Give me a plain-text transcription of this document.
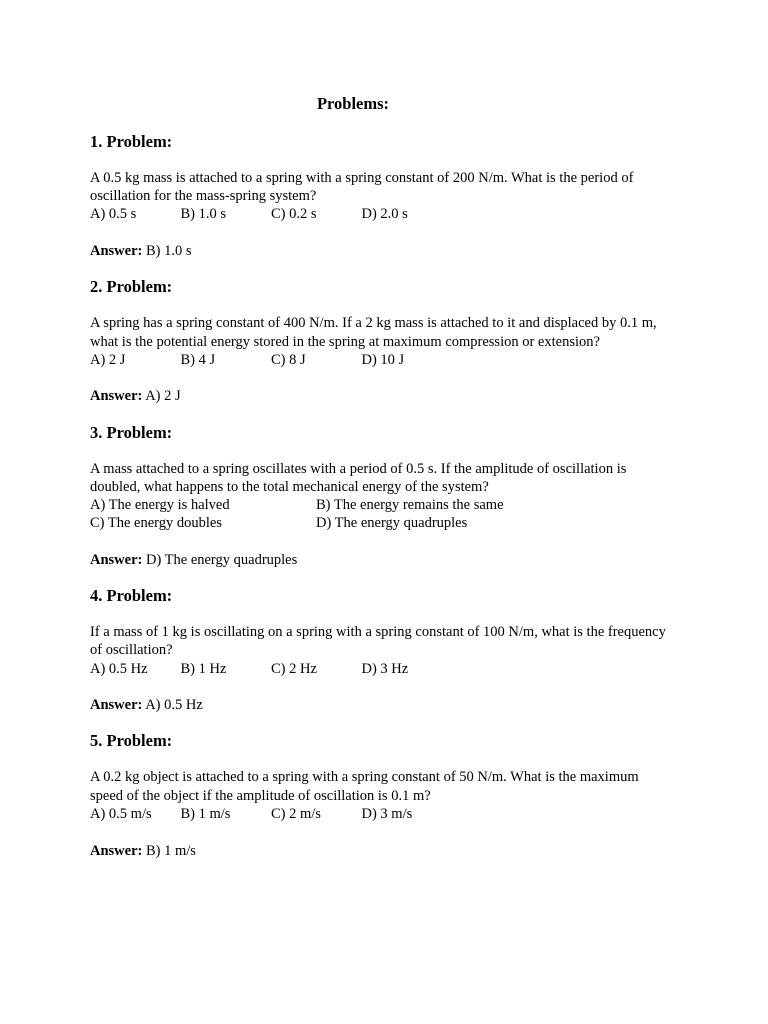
Problems:
1. Problem:

A 0.5 kg mass is attached to a spring with a spring constant of 200 N/m. What is the period of oscillation for the mass-spring system?

A) 0.5 s	B) 1.0 s	C) 0.2 s	D) 2.0 s

Answer: B) 1.0 s

2. Problem:

A spring has a spring constant of 400 N/m. If a 2 kg mass is attached to it and displaced by 0.1 m, what is the potential energy stored in the spring at maximum compression or extension?

A) 2 J	B) 4 J	C) 8 J	D) 10 J

Answer: A) 2 J

3. Problem:

A mass attached to a spring oscillates with a period of 0.5 s. If the amplitude of oscillation is doubled, what happens to the total mechanical energy of the system?

A) The energy is halved	B) The energy remains the same
C) The energy doubles	D) The energy quadruples

Answer: D) The energy quadruples

4. Problem:

If a mass of 1 kg is oscillating on a spring with a spring constant of 100 N/m, what is the frequency of oscillation?

A) 0.5 Hz	B) 1 Hz	C) 2 Hz	D) 3 Hz

Answer: A) 0.5 Hz

5. Problem:

A 0.2 kg object is attached to a spring with a spring constant of 50 N/m. What is the maximum speed of the object if the amplitude of oscillation is 0.1 m?

A) 0.5 m/s	B) 1 m/s	C) 2 m/s	D) 3 m/s

Answer: B) 1 m/s
